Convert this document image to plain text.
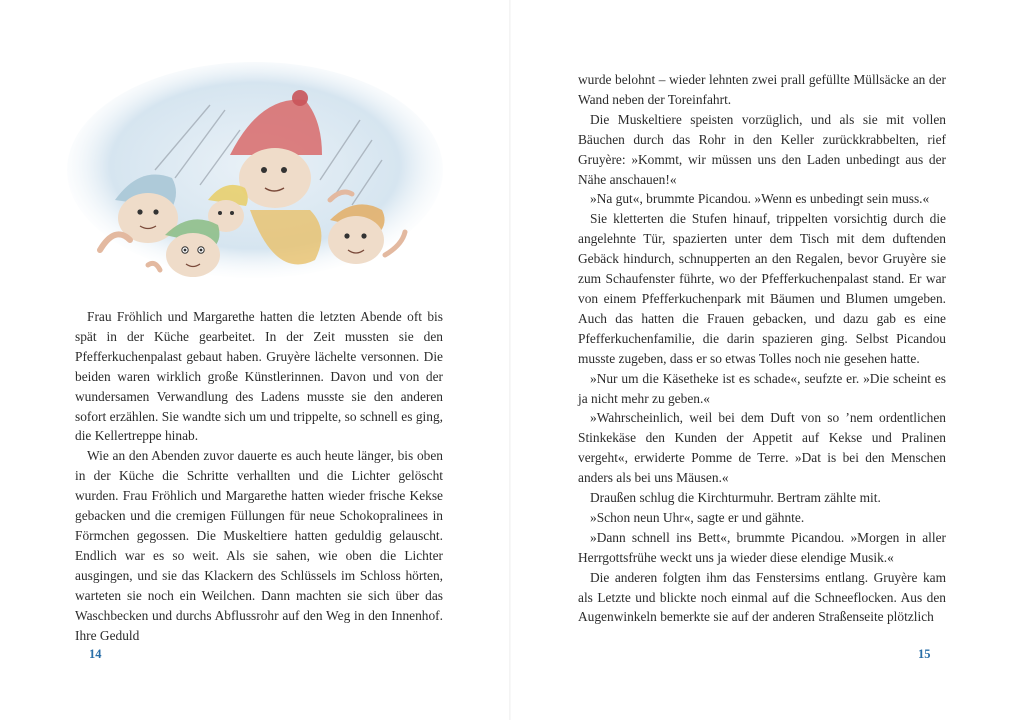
Frau Fröhlich und Margarethe hatten die letzten Abende oft bis spät in der Küche gearbeitet. In der Zeit mussten sie den Pfefferkuchenpalast gebaut haben. Gruyère lächelte versonnen. Die beiden waren wirklich große Künstlerinnen. Davon und von der wundersamen Verwandlung des Ladens musste sie den anderen sofort erzählen. Sie wandte sich um und trippelte, so schnell es ging, die Kellertreppe hinab.

Wie an den Abenden zuvor dauerte es auch heute länger, bis oben in der Küche die Schritte verhallten und die Lichter gelöscht wurden. Frau Fröhlich und Margarethe hatten wieder frische Kekse gebacken und die cremigen Füllungen für neue Schokopralinees in Förmchen gegossen. Die Muskeltiere hatten geduldig gelauscht. Endlich war es so weit. Als sie sahen, wie oben die Lichter ausgingen, und sie das Klackern des Schlüssels im Schloss hörten, warteten sie noch ein Weilchen. Dann machten sie sich über das Waschbecken und durchs Abflussrohr auf den Weg in den Innenhof. Ihre Geduld

14	15

wurde belohnt – wieder lehnten zwei prall gefüllte Müllsäcke an der Wand neben der Toreinfahrt.

Die Muskeltiere speisten vorzüglich, und als sie mit vollen Bäuchen durch das Rohr in den Keller zurückkrabbelten, rief Gruyère: »Kommt, wir müssen uns den Laden unbedingt aus der Nähe anschauen!«

»Na gut«, brummte Picandou. »Wenn es unbedingt sein muss.«

Sie kletterten die Stufen hinauf, trippelten vorsichtig durch die angelehnte Tür, spazierten unter dem Tisch mit dem duftenden Gebäck hindurch, schnupperten an den Regalen, bevor Gruyère sie zum Schaufenster führte, wo der Pfefferkuchenpalast stand. Er war von einem Pfefferkuchenpark mit Bäumen und Blumen umgeben. Auch das hatten die Frauen gebacken, und dazu gab es eine Pfefferkuchenfamilie, die darin spazieren ging. Selbst Picandou musste zugeben, dass er so etwas Tolles noch nie gesehen hatte.

»Nur um die Käsetheke ist es schade«, seufzte er. »Die scheint es ja nicht mehr zu geben.«

»Wahrscheinlich, weil bei dem Duft von so ’nem ordentlichen Stinkekäse den Kunden der Appetit auf Kekse und Pralinen vergeht«, erwiderte Pomme de Terre. »Dat is bei den Menschen anders als bei uns Mäusen.«

Draußen schlug die Kirchturmuhr. Bertram zählte mit.

»Schon neun Uhr«, sagte er und gähnte.

»Dann schnell ins Bett«, brummte Picandou. »Morgen in aller Herrgottsfrühe weckt uns ja wieder diese elendige Musik.«

Die anderen folgten ihm das Fenstersims entlang. Gruyère kam als Letzte und blickte noch einmal auf die Schneeflocken. Aus den Augenwinkeln bemerkte sie auf der anderen Straßenseite plötzlich
